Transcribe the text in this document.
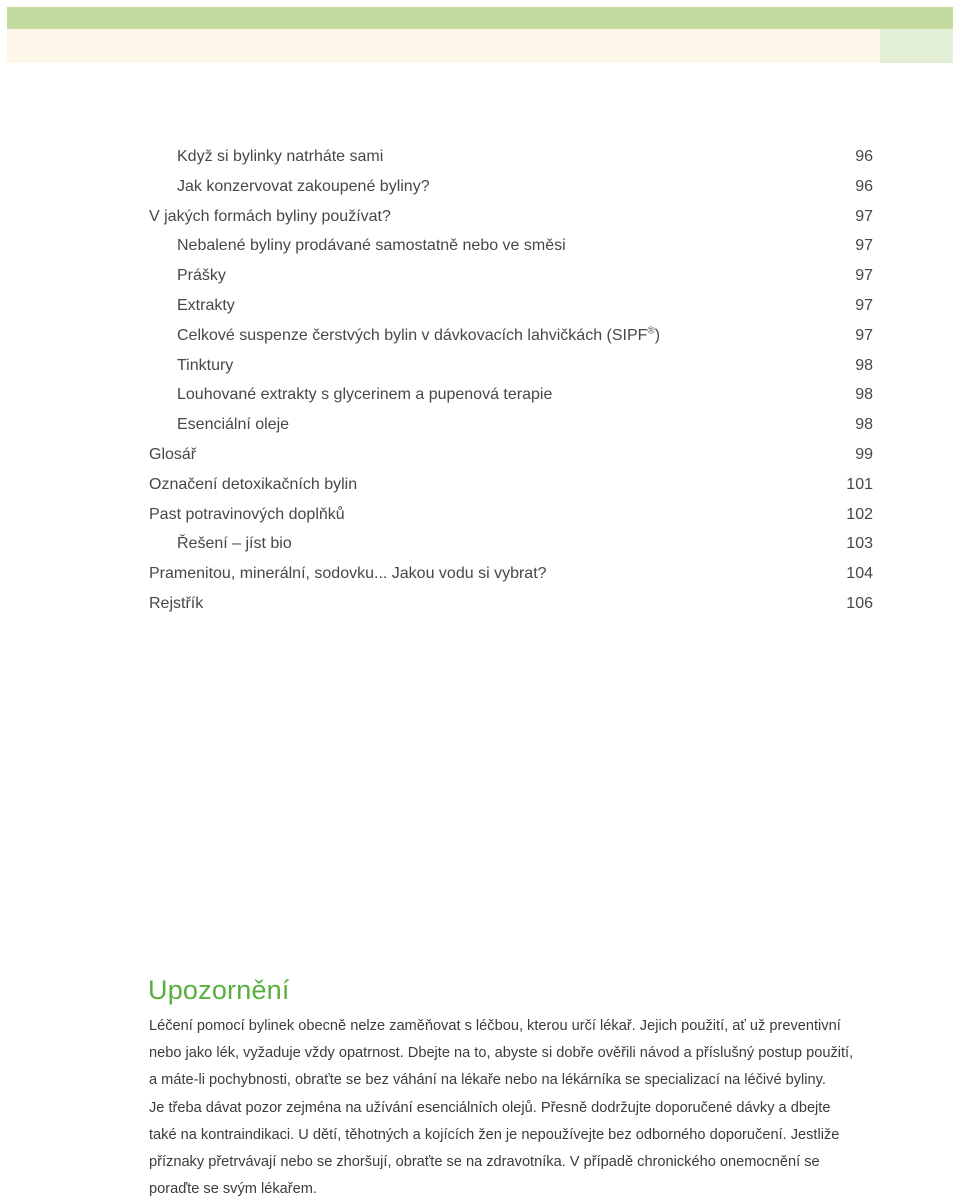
Když si bylinky natrháte sami	96
Jak konzervovat zakoupené byliny?	96
V jakých formách byliny používat?	97
Nebalené byliny prodávané samostatně nebo ve směsi	97
Prášky	97
Extrakty	97
Celkové suspenze čerstvých bylin v dávkovacích lahvičkách (SIPF®)	97
Tinktury	98
Louhované extrakty s glycerinem a pupenová terapie	98
Esenciální oleje	98
Glosář	99
Označení detoxikačních bylin	101
Past potravinových doplňků	102
Řešení – jíst bio	103
Pramenitou, minerální, sodovku... Jakou vodu si vybrat?	104
Rejstřík	106
Upozornění

Léčení pomocí bylinek obecně nelze zaměňovat s léčbou, kterou určí lékař. Jejich použití, ať už preventivní
nebo jako lék, vyžaduje vždy opatrnost. Dbejte na to, abyste si dobře ověřili návod a příslušný postup použití,
a máte-li pochybnosti, obraťte se bez váhání na lékaře nebo na lékárníka se specializací na léčivé byliny.
Je třeba dávat pozor zejména na užívání esenciálních olejů. Přesně dodržujte doporučené dávky a dbejte
také na kontraindikaci. U dětí, těhotných a kojících žen je nepoužívejte bez odborného doporučení. Jestliže
příznaky přetrvávají nebo se zhoršují, obraťte se na zdravotníka. V případě chronického onemocnění se
poraďte se svým lékařem.
